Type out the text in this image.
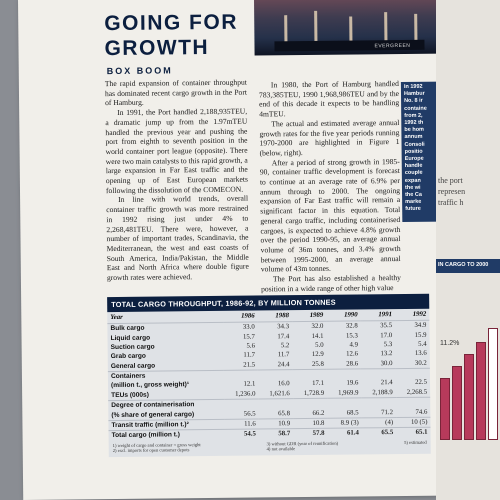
EVERGREEN
GOING FOR
GROWTH
BOX BOOM

The rapid expansion of container throughput has dominated recent cargo growth in the Port of Hamburg.

In 1991, the Port handled 2,188,935TEU, a dramatic jump up from the 1.97mTEU handled the previous year and pushing the port from eighth to seventh position in the world container port league (opposite). There were two main catalysts to this rapid growth, a large expansion in Far East traffic and the opening up of East European markets following the dissolution of the COMECON.

In line with world trends, overall container traffic growth was more restrained in 1992 rising just under 4% to 2,268,481TEU. There were, however, a number of important trades, Scandinavia, the Mediterranean, the west and east coasts of South America, India/Pakistan, the Middle East and North Africa where double figure growth rates were achieved.

In 1980, the Port of Hamburg handled 783,385TEU, 1990 1,968,986TEU and by the end of this decade it expects to be handling 4mTEU.

The actual and estimated average annual growth rates for the five year periods running 1970-2000 are highlighted in Figure 1 (below, right).

After a period of strong growth in 1985-90, container traffic development is forecast to continue at an average rate of 6.9% per annum through to 2000. The ongoing expansion of Far East traffic will remain a significant factor in this equation. Total general cargo traffic, including containerised cargoes, is expected to achieve 4.8% growth over the period 1990-95, an average annual volume of 36m tonnes, and 3.4% growth between 1995-2000, an average annual volume of 43m tonnes.

The Port has also established a healthy position in a wide range of other high value

In 1992
Hambur
No. 8 ir
containe
from 2,
1992 th
be hom
annum
Consoli
positio
Europe
handle
couple
expan
the wi
the Ca
marke
future
TOTAL CARGO THROUGHPUT, 1986-92, BY MILLION TONNES
Year	1986	1988	1989	1990	1991	1992
Bulk cargo	33.0	34.3	32.0	32.8	35.5	34.9
Liquid cargo	15.7	17.4	14.1	15.3	17.0	15.9
Suction cargo	5.6	5.2	5.0	4.9	5.3	5.4
Grab cargo	11.7	11.7	12.9	12.6	13.2	13.6
General cargo	21.5	24.4	25.8	28.6	30.0	30.2
Containers						
(million t., gross weight)¹	12.1	16.0	17.1	19.6	21.4	22.5
TEUs (000s)	1,236.0	1,621.6	1,728.9	1,969.9	2,188.9	2,268.5
Degree of containerisation						
(% share of general cargo)	56.5	65.8	66.2	68.5	71.2	74.6
Transit traffic (million t.)²	11.6	10.9	10.8	8.9 (3)	(4)	10 (5)
Total cargo (million t.)	54.5	58.7	57.8	61.4	65.5	65.1
1) weight of cargo and container = gross weight
2) excl. imports for open customer depots
3) without GDR (year of reunification)
4) not available
5) estimated
the port
represen
traffic h
IN CARGO TO 2000
11.2%
